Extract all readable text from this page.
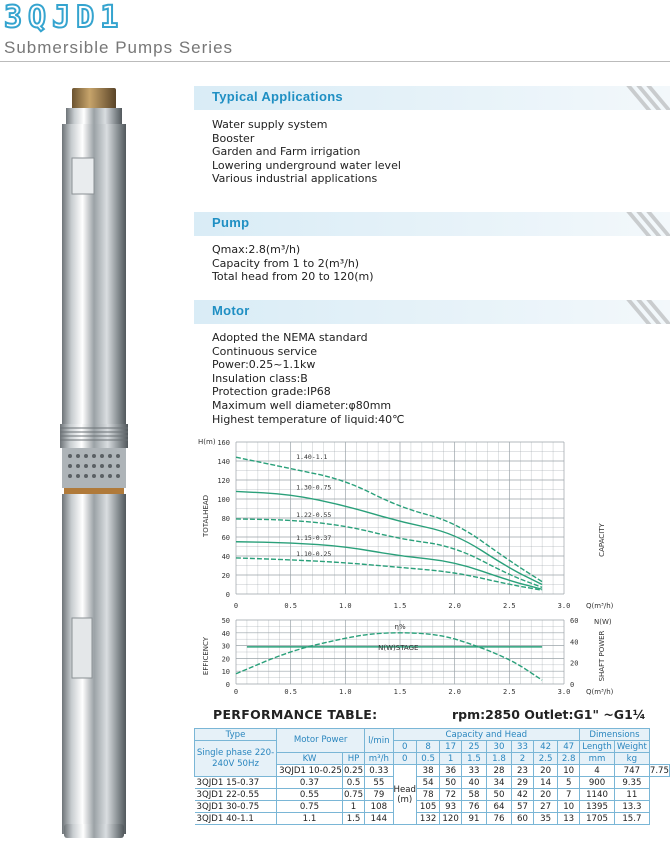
3QJD1
Submersible Pumps Series
Typical Applications
Water supply system
Booster
Garden and Farm irrigation
Lowering underground water level
Various industrial applications
Pump
Qmax:2.8(m³/h)
Capacity from 1 to 2(m³/h)
Total head from 20 to 120(m)
Motor
Adopted the NEMA standard
Continuous service
Power:0.25~1.1kw
Insulation class:B
Protection grade:IP68
Maximum well diameter:φ80mm
Highest temperature of liquid:40℃
0	0.5	1.0	1.5	2.0	2.5	3.0
0
20
40
60
80
100
120
140
160
H(m)
TOTALHEAD
CAPACITY
Q(m³/h)
1.40-1.1
1.30-0.75
1.22-0.55
1.15-0.37
1.10-0.25
0	0.5	1.0	1.5	2.0	2.5	3.0
0
10
20
30
40
50
0
20
40
60
EFFICENCY	SHAFT POWER
N(W)
Q(m³/h)
η%
N(W)STAGE
PERFORMANCE TABLE:	rpm:2850 Outlet:G1" ~G1¼
Type	Motor Power		l/min	Capacity and Head								Dimensions		
Single phase 220-240V 50Hz				0	8	17	25	30	33	42	47	Length	Weight	
	KW	HP	m³/h	0	0.5	1	1.5	1.8	2	2.5	2.8	mm	kg	
	3QJD1 10-0.25	0.25	0.33	Head (m)	38	36	33	28	23	20	10	4	747	7.75
3QJD1 15-0.37	0.37	0.5	55		54	50	40	34	29	14	5	900	9.35	
3QJD1 22-0.55	0.55	0.75	79		78	72	58	50	42	20	7	1140	11	
3QJD1 30-0.75	0.75	1	108		105	93	76	64	57	27	10	1395	13.3	
3QJD1 40-1.1	1.1	1.5	144		132	120	91	76	60	35	13	1705	15.7	
